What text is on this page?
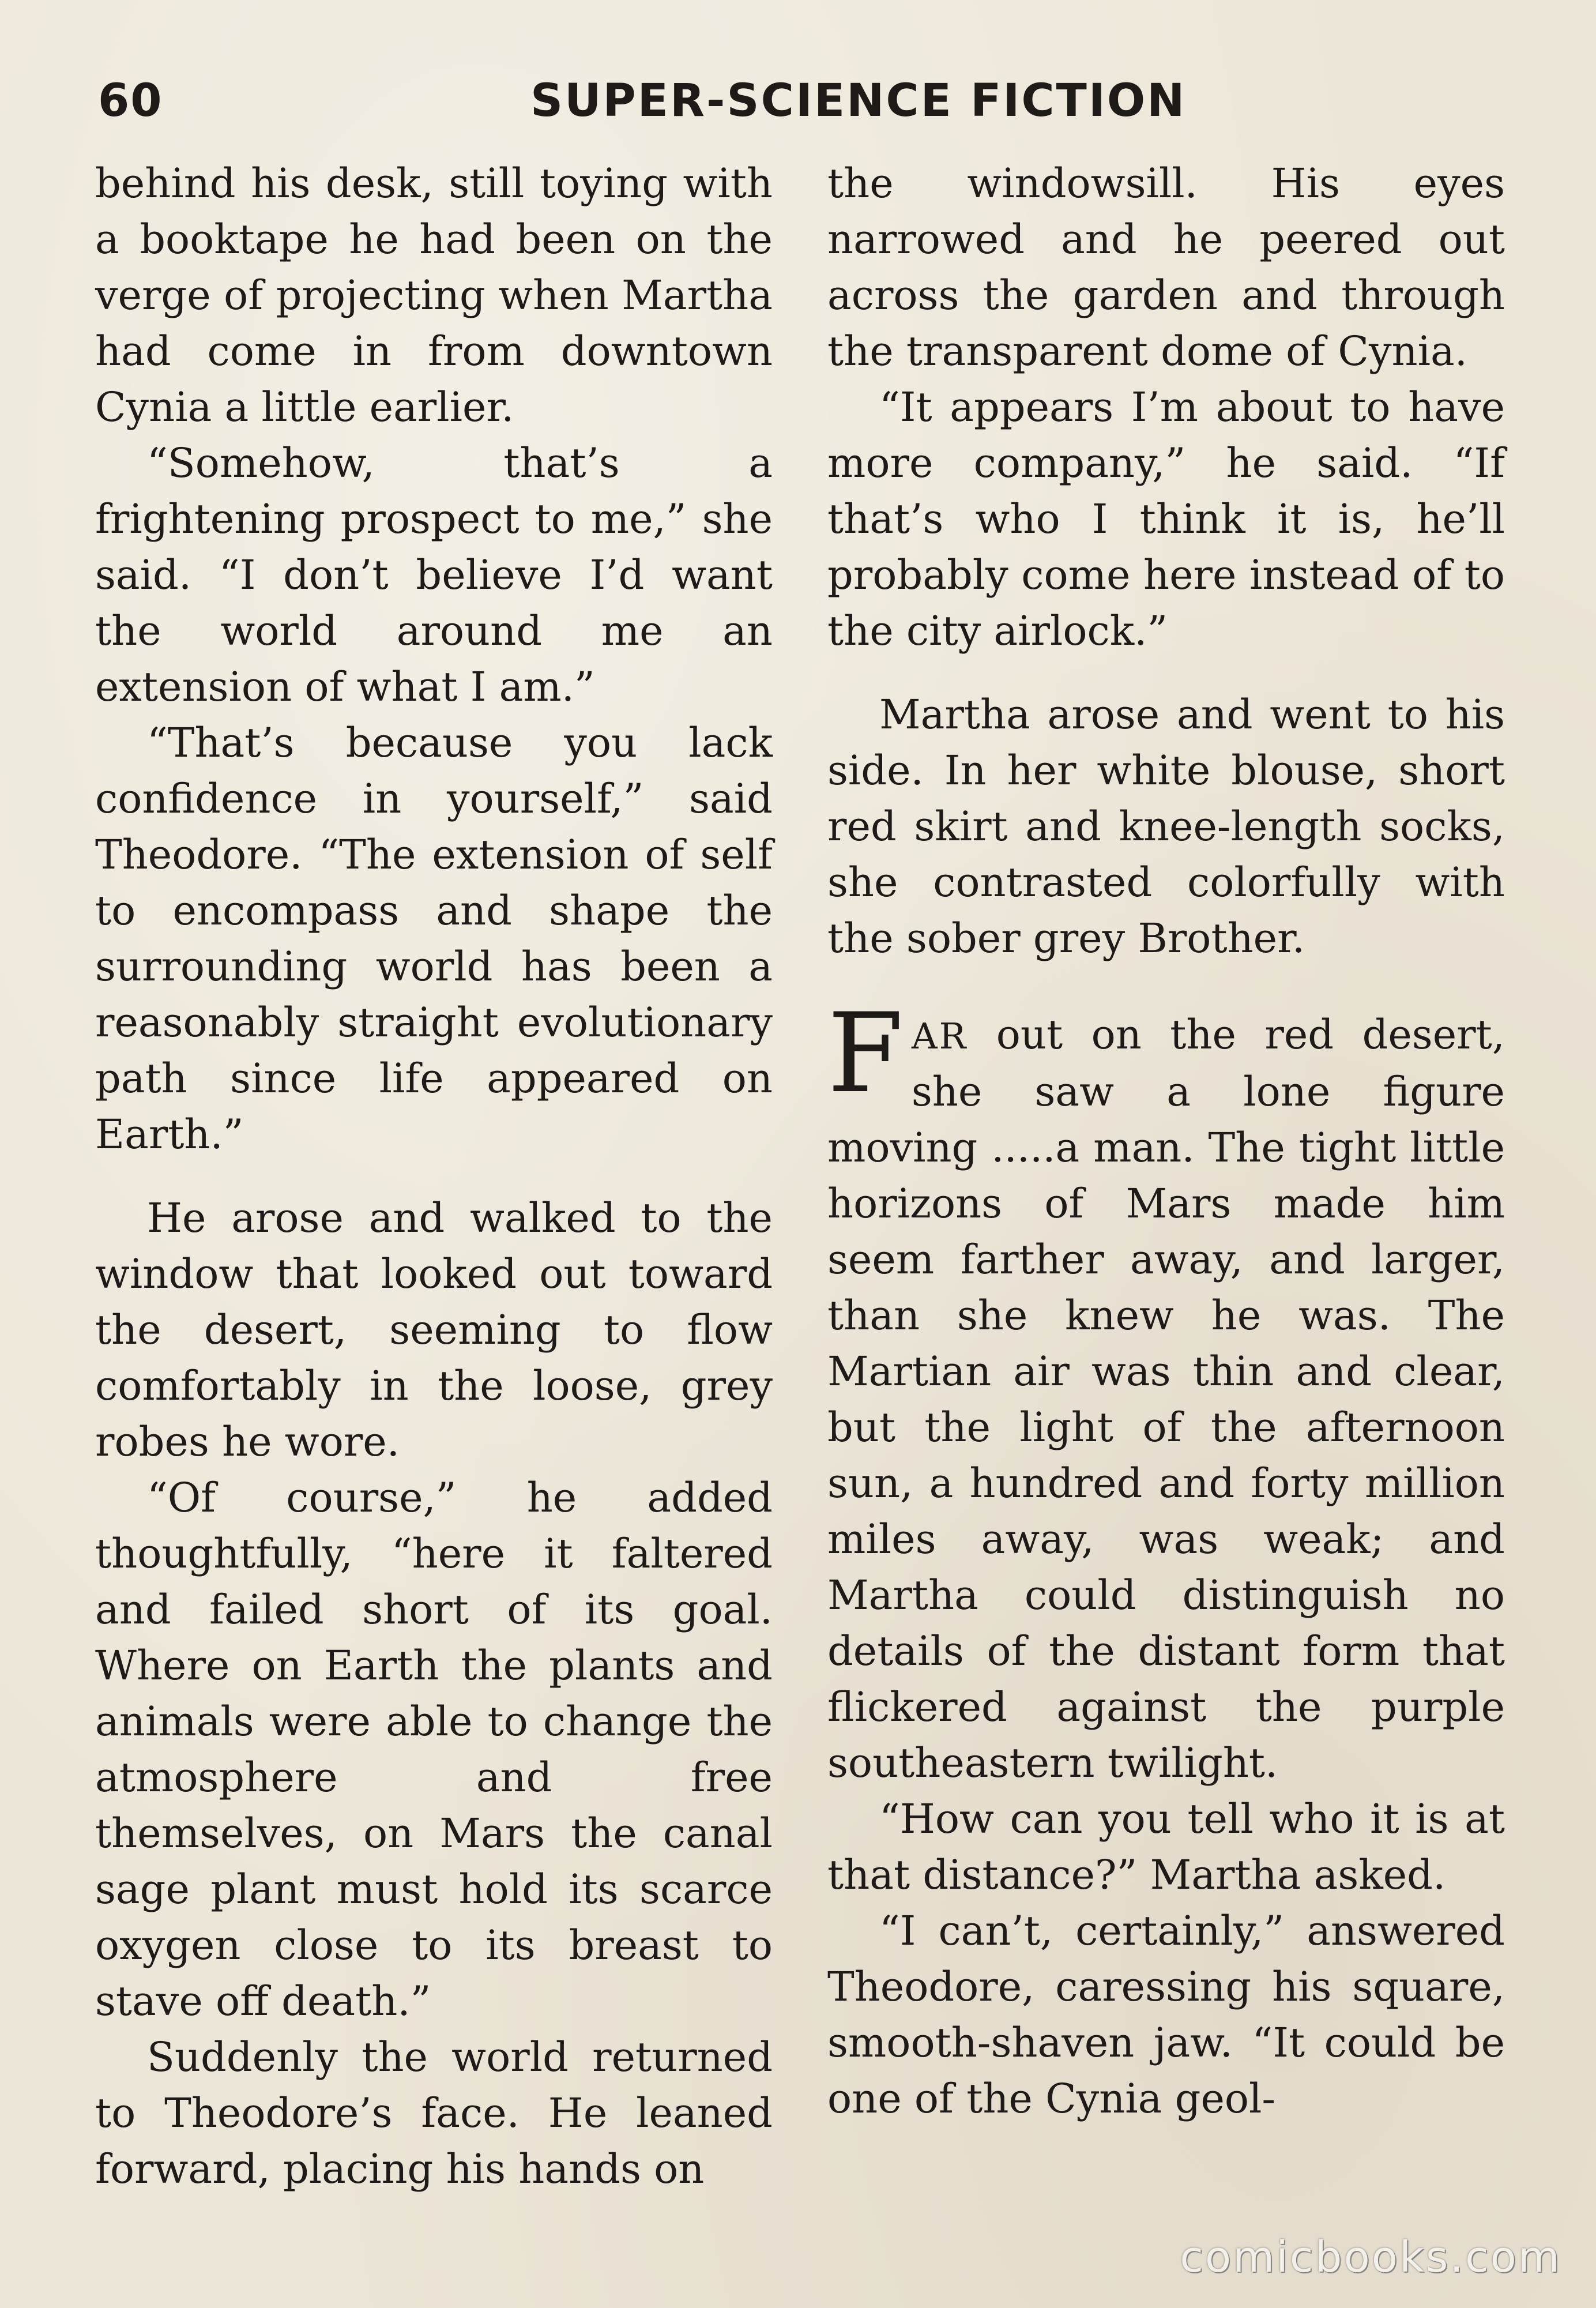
60	SUPER-SCIENCE FICTION

behind his desk, still toying with a booktape he had been on the verge of projecting when Martha had come in from downtown Cynia a little earlier.

“Somehow, that’s a frightening prospect to me,” she said. “I don’t believe I’d want the world around me an extension of what I am.”

“That’s because you lack confidence in yourself,” said Theodore. “The extension of self to encompass and shape the surrounding world has been a reasonably straight evolutionary path since life appeared on Earth.”

He arose and walked to the window that looked out toward the desert, seeming to flow comfortably in the loose, grey robes he wore.

“Of course,” he added thoughtfully, “here it faltered and failed short of its goal. Where on Earth the plants and animals were able to change the atmosphere and free themselves, on Mars the canal sage plant must hold its scarce oxygen close to its breast to stave off death.”

Suddenly the world returned to Theodore’s face. He leaned forward, placing his hands on

the windowsill. His eyes narrowed and he peered out across the garden and through the transparent dome of Cynia.

“It appears I’m about to have more company,” he said. “If that’s who I think it is, he’ll probably come here instead of to the city airlock.”

Martha arose and went to his side. In her white blouse, short red skirt and knee-length socks, she contrasted colorfully with the sober grey Brother.

FAR out on the red desert, she saw a lone figure moving .....a man. The tight little horizons of Mars made him seem farther away, and larger, than she knew he was. The Martian air was thin and clear, but the light of the afternoon sun, a hundred and forty million miles away, was weak; and Martha could distinguish no details of the distant form that flickered against the purple southeastern twilight.

“How can you tell who it is at that distance?” Martha asked.

“I can’t, certainly,” answered Theodore, caressing his square, smooth-shaven jaw. “It could be one of the Cynia geol-

comicbooks.com
